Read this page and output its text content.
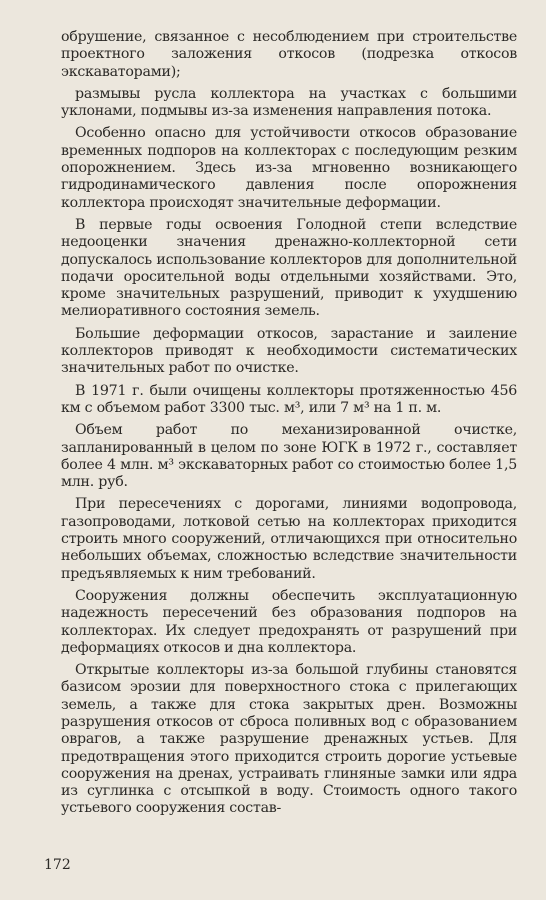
обрушение, связанное с несоблюдением при строительстве проектного заложения откосов (подрезка откосов экскаваторами);

размывы русла коллектора на участках с большими уклонами, подмывы из-за изменения направления потока.

Особенно опасно для устойчивости откосов образование временных подпоров на коллекторах с последующим резким опорожнением. Здесь из-за мгновенно возникающего гидродинамического давления после опорожнения коллектора происходят значительные деформации.

В первые годы освоения Голодной степи вследствие недооценки значения дренажно-коллекторной сети допускалось использование коллекторов для дополнительной подачи оросительной воды отдельными хозяйствами. Это, кроме значительных разрушений, приводит к ухудшению мелиоративного состояния земель.

Большие деформации откосов, зарастание и заиление коллекторов приводят к необходимости систематических значительных работ по очистке.

В 1971 г. были очищены коллекторы протяженностью 456 км с объемом работ 3300 тыс. м³, или 7 м³ на 1 п. м.

Объем работ по механизированной очистке, запланированный в целом по зоне ЮГК в 1972 г., составляет более 4 млн. м³ экскаваторных работ со стоимостью более 1,5 млн. руб.

При пересечениях с дорогами, линиями водопровода, газопроводами, лотковой сетью на коллекторах приходится строить много сооружений, отличающихся при относительно небольших объемах, сложностью вследствие значительности предъявляемых к ним требований.

Сооружения должны обеспечить эксплуатационную надежность пересечений без образования подпоров на коллекторах. Их следует предохранять от разрушений при деформациях откосов и дна коллектора.

Открытые коллекторы из-за большой глубины становятся базисом эрозии для поверхностного стока с прилегающих земель, а также для стока закрытых дрен. Возможны разрушения откосов от сброса поливных вод с образованием оврагов, а также разрушение дренажных устьев. Для предотвращения этого приходится строить дорогие устьевые сооружения на дренах, устраивать глиняные замки или ядра из суглинка с отсыпкой в воду. Стоимость одного такого устьевого сооружения состав-

172
